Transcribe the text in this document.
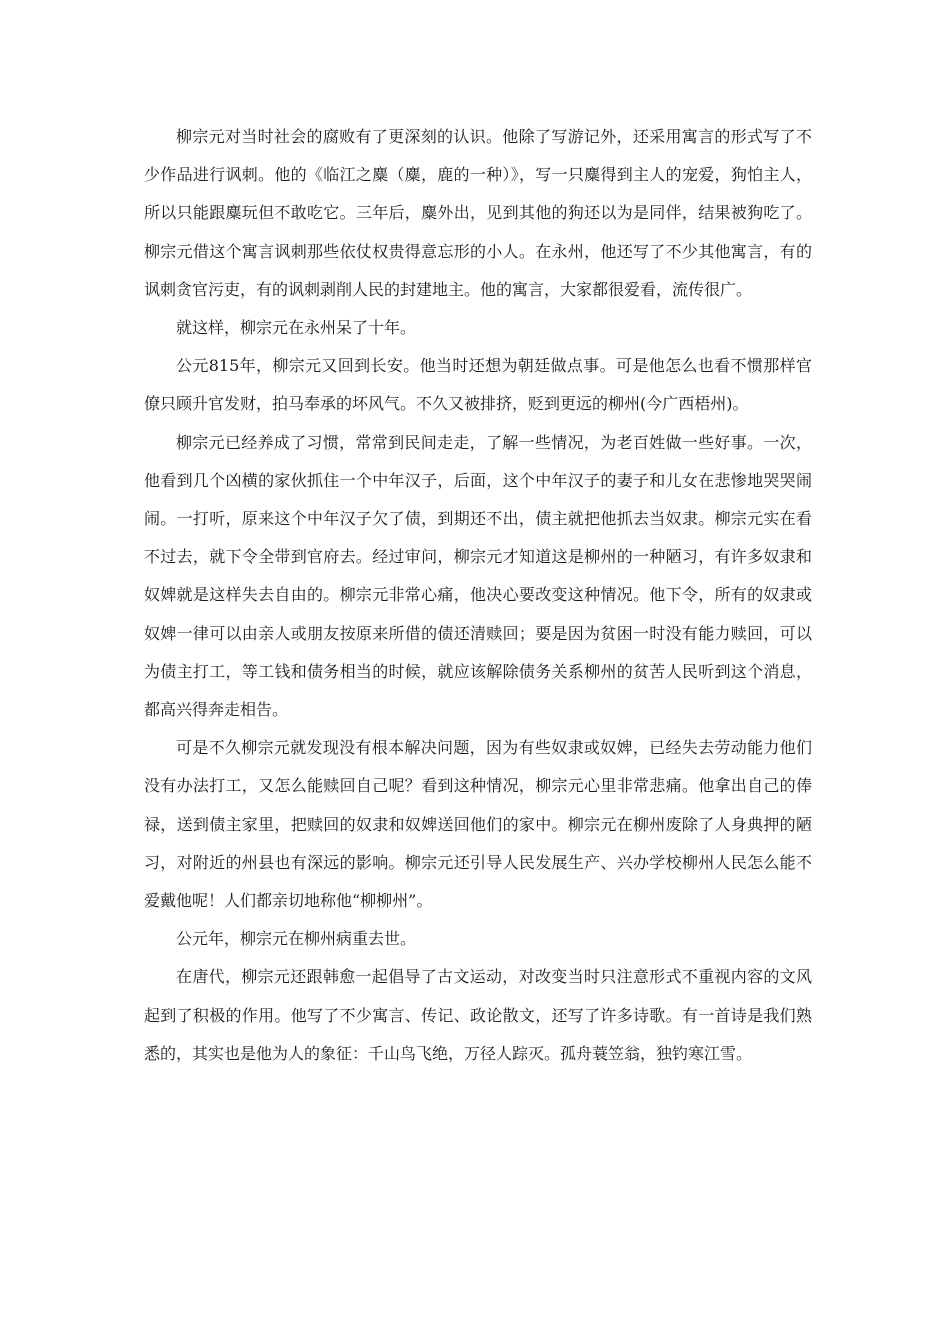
柳宗元对当时社会的腐败有了更深刻的认识。他除了写游记外，还采用寓言的形式写了不少作品进行讽刺。他的《临江之麋（麋，鹿的一种）》，写一只麋得到主人的宠爱，狗怕主人，所以只能跟麋玩但不敢吃它。三年后，麋外出，见到其他的狗还以为是同伴，结果被狗吃了。柳宗元借这个寓言讽刺那些依仗权贵得意忘形的小人。在永州，他还写了不少其他寓言，有的讽刺贪官污吏，有的讽刺剥削人民的封建地主。他的寓言，大家都很爱看，流传很广。

就这样，柳宗元在永州呆了十年。

公元815年，柳宗元又回到长安。他当时还想为朝廷做点事。可是他怎么也看不惯那样官僚只顾升官发财，拍马奉承的坏风气。不久又被排挤，贬到更远的柳州(今广西梧州)。

柳宗元已经养成了习惯，常常到民间走走，了解一些情况，为老百姓做一些好事。一次，他看到几个凶横的家伙抓住一个中年汉子，后面，这个中年汉子的妻子和儿女在悲惨地哭哭闹闹。一打听，原来这个中年汉子欠了债，到期还不出，债主就把他抓去当奴隶。柳宗元实在看不过去，就下令全带到官府去。经过审问，柳宗元才知道这是柳州的一种陋习，有许多奴隶和奴婢就是这样失去自由的。柳宗元非常心痛，他决心要改变这种情况。他下令，所有的奴隶或奴婢一律可以由亲人或朋友按原来所借的债还清赎回；要是因为贫困一时没有能力赎回，可以为债主打工，等工钱和债务相当的时候，就应该解除债务关系柳州的贫苦人民听到这个消息，都高兴得奔走相告。

可是不久柳宗元就发现没有根本解决问题，因为有些奴隶或奴婢，已经失去劳动能力他们没有办法打工，又怎么能赎回自己呢？看到这种情况，柳宗元心里非常悲痛。他拿出自己的俸禄，送到债主家里，把赎回的奴隶和奴婢送回他们的家中。柳宗元在柳州废除了人身典押的陋习，对附近的州县也有深远的影响。柳宗元还引导人民发展生产、兴办学校柳州人民怎么能不爱戴他呢！人们都亲切地称他“柳柳州”。

公元年，柳宗元在柳州病重去世。

在唐代，柳宗元还跟韩愈一起倡导了古文运动，对改变当时只注意形式不重视内容的文风起到了积极的作用。他写了不少寓言、传记、政论散文，还写了许多诗歌。有一首诗是我们熟悉的，其实也是他为人的象征：千山鸟飞绝，万径人踪灭。孤舟蓑笠翁，独钓寒江雪。
